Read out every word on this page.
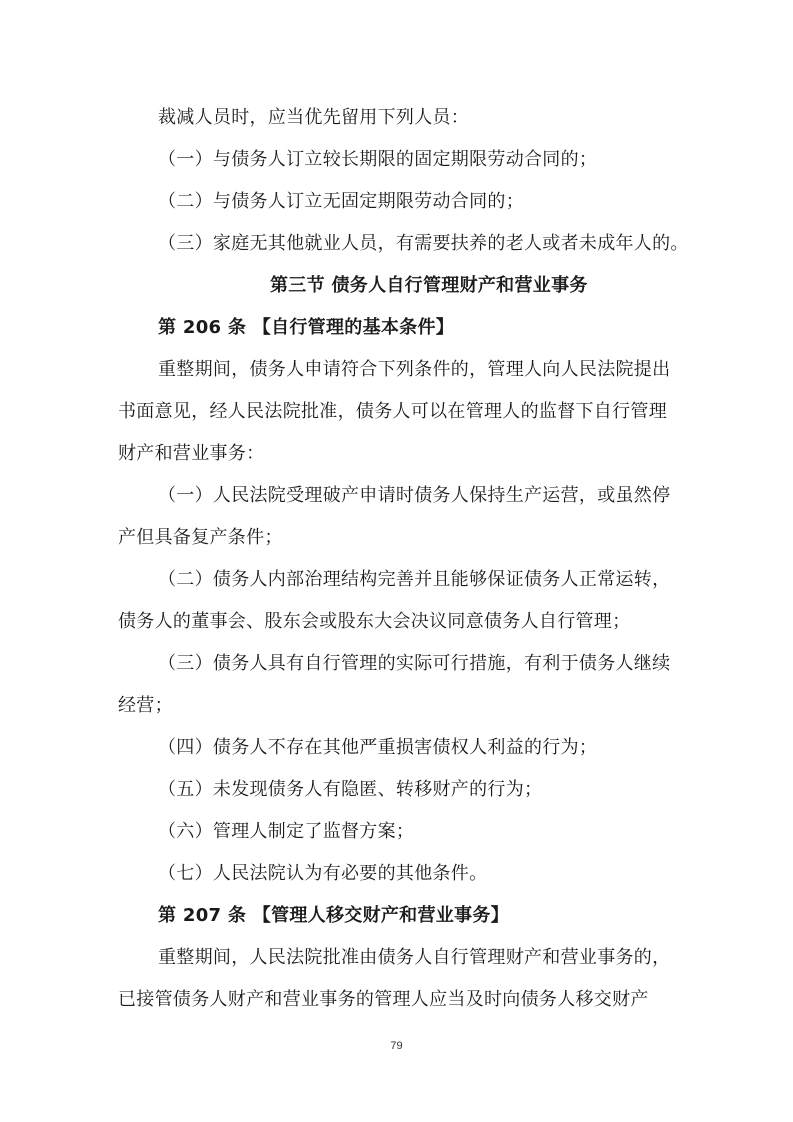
裁减人员时，应当优先留用下列人员：
（一）与债务人订立较长期限的固定期限劳动合同的；
（二）与债务人订立无固定期限劳动合同的；
（三）家庭无其他就业人员，有需要扶养的老人或者未成年人的。
第三节 债务人自行管理财产和营业事务
第 206 条 【自行管理的基本条件】
重整期间，债务人申请符合下列条件的，管理人向人民法院提出
书面意见，经人民法院批准，债务人可以在管理人的监督下自行管理
财产和营业事务：
（一）人民法院受理破产申请时债务人保持生产运营，或虽然停
产但具备复产条件；
（二）债务人内部治理结构完善并且能够保证债务人正常运转，
债务人的董事会、股东会或股东大会决议同意债务人自行管理；
（三）债务人具有自行管理的实际可行措施，有利于债务人继续
经营；
（四）债务人不存在其他严重损害债权人利益的行为；
（五）未发现债务人有隐匿、转移财产的行为；
（六）管理人制定了监督方案；
（七）人民法院认为有必要的其他条件。
第 207 条 【管理人移交财产和营业事务】
重整期间，人民法院批准由债务人自行管理财产和营业事务的，
已接管债务人财产和营业事务的管理人应当及时向债务人移交财产
79
